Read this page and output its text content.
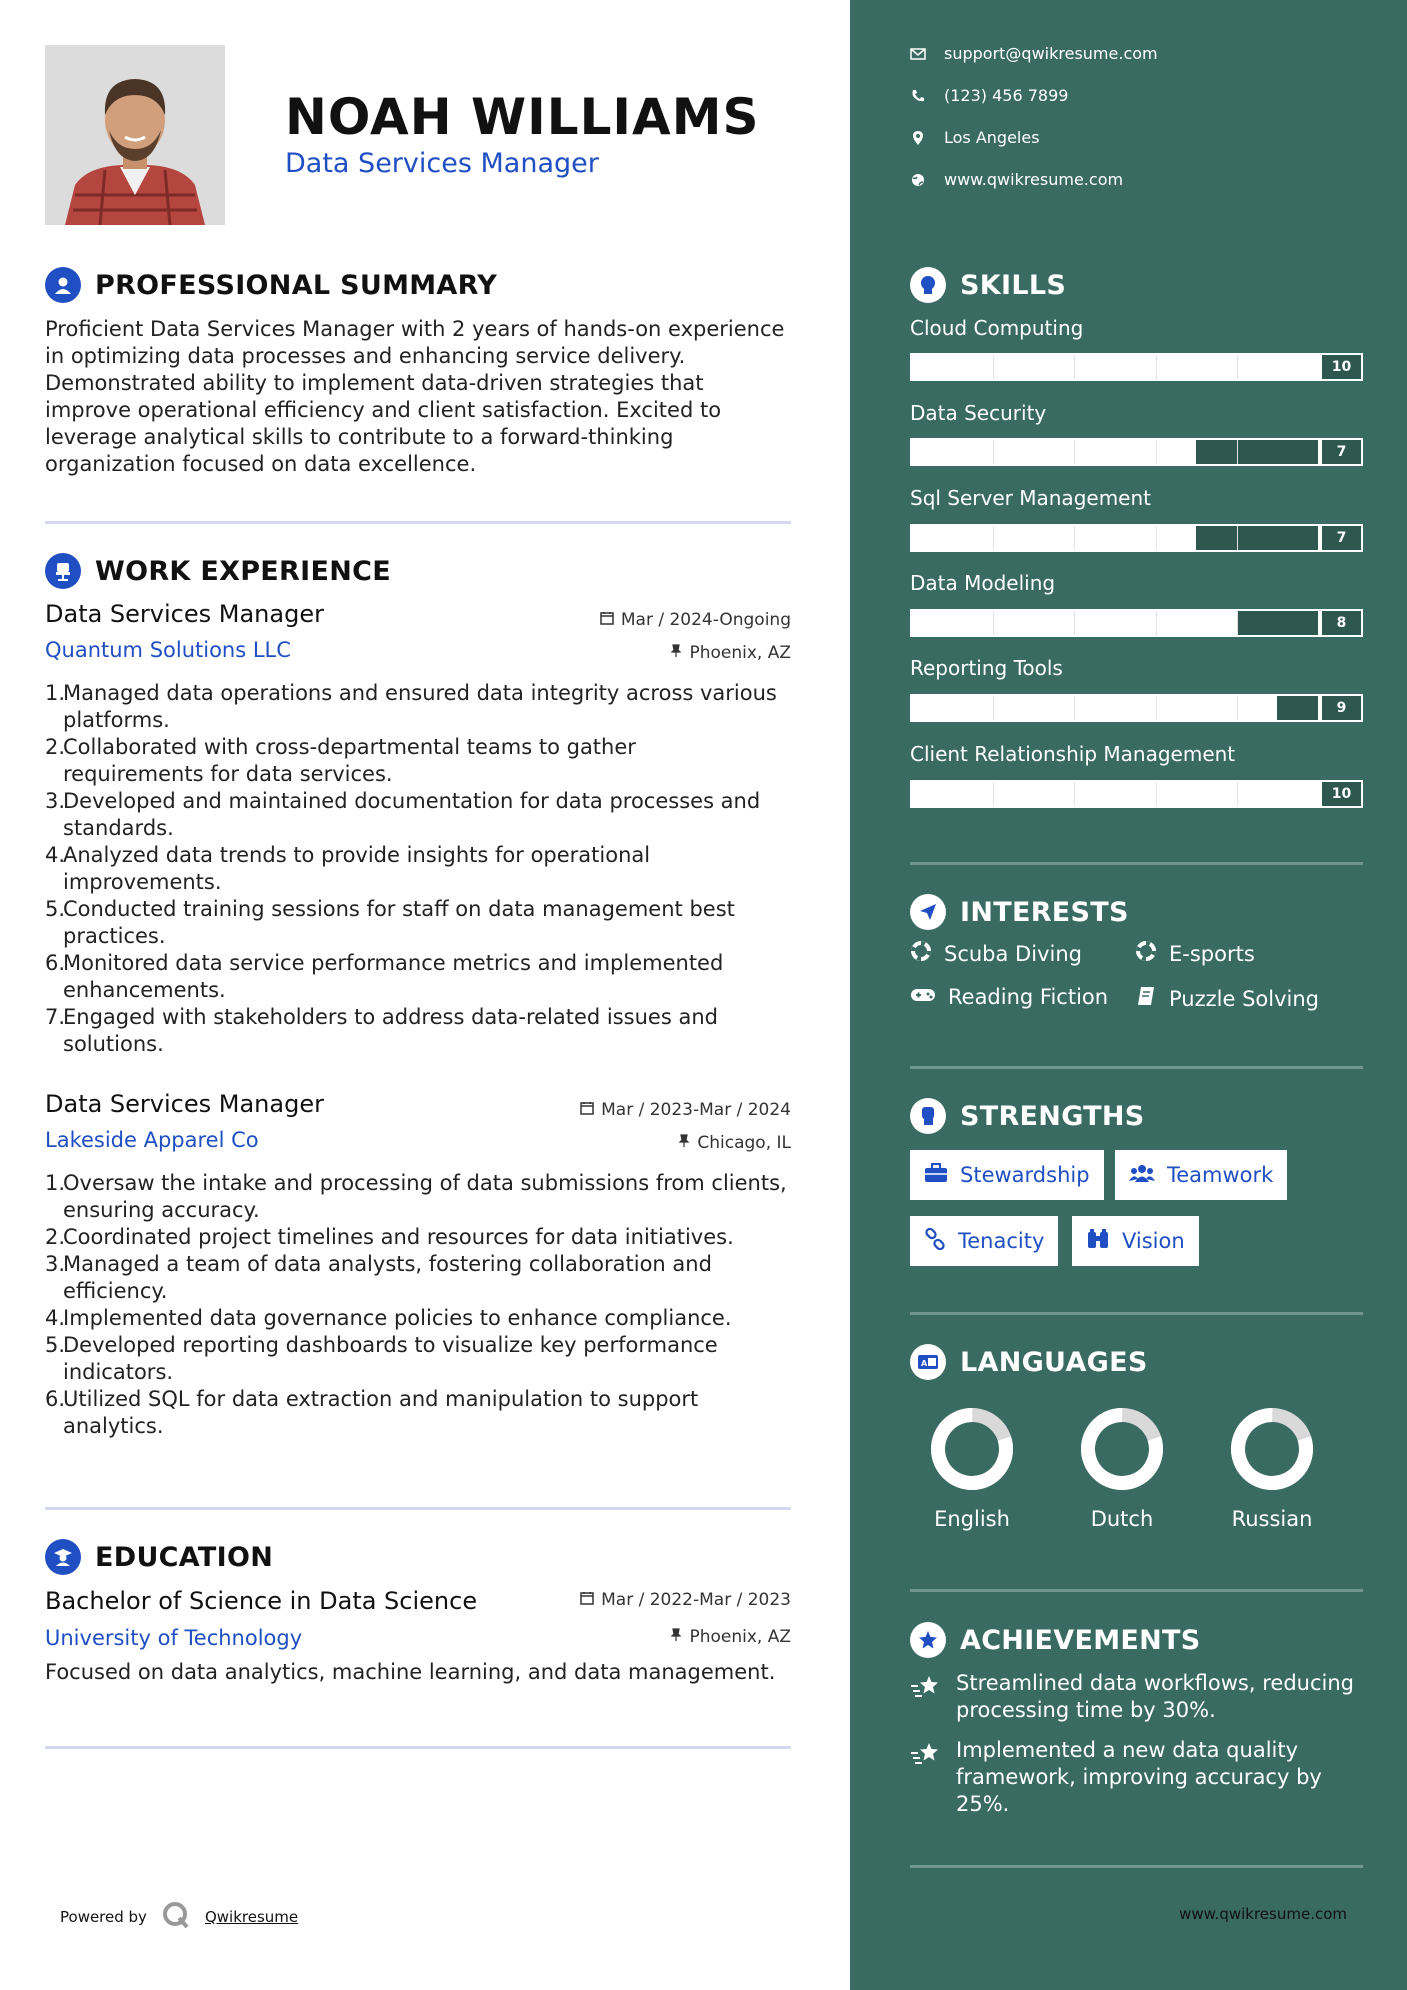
NOAH WILLIAMS
Data Services Manager
PROFESSIONAL SUMMARY
Proficient Data Services Manager with 2 years of hands-on experience
in optimizing data processes and enhancing service delivery.
Demonstrated ability to implement data-driven strategies that
improve operational efficiency and client satisfaction. Excited to
leverage analytical skills to contribute to a forward-thinking
organization focused on data excellence.
WORK EXPERIENCE
Data Services Manager	Mar / 2024-Ongoing
Quantum Solutions LLC	Phoenix, AZ
1.
Managed data operations and ensured data integrity across various
platforms.
2.
Collaborated with cross-departmental teams to gather
requirements for data services.
3.
Developed and maintained documentation for data processes and
standards.
4.
Analyzed data trends to provide insights for operational
improvements.
5.
Conducted training sessions for staff on data management best
practices.
6.
Monitored data service performance metrics and implemented
enhancements.
7.
Engaged with stakeholders to address data-related issues and
solutions.
Data Services Manager	Mar / 2023-Mar / 2024
Lakeside Apparel Co	Chicago, IL
1.
Oversaw the intake and processing of data submissions from clients,
ensuring accuracy.
2.
Coordinated project timelines and resources for data initiatives.
3.
Managed a team of data analysts, fostering collaboration and
efficiency.
4.
Implemented data governance policies to enhance compliance.
5.
Developed reporting dashboards to visualize key performance
indicators.
6.
Utilized SQL for data extraction and manipulation to support
analytics.
EDUCATION
Bachelor of Science in Data Science	Mar / 2022-Mar / 2023
University of Technology	Phoenix, AZ
Focused on data analytics, machine learning, and data management.
Powered by	Qwikresume
support@qwikresume.com
(123) 456 7899
Los Angeles
www.qwikresume.com
SKILLS
Cloud Computing
10
Data Security
7
Sql Server Management
7
Data Modeling
8
Reporting Tools
9
Client Relationship Management
10
INTERESTS
Scuba Diving	E-sports
Reading Fiction	Puzzle Solving
STRENGTHS
Stewardship	Teamwork
Tenacity	Vision
A LANGUAGES
English	Dutch	Russian
ACHIEVEMENTS
Streamlined data workflows, reducing
processing time by 30%.
Implemented a new data quality
framework, improving accuracy by
25%.
www.qwikresume.com
